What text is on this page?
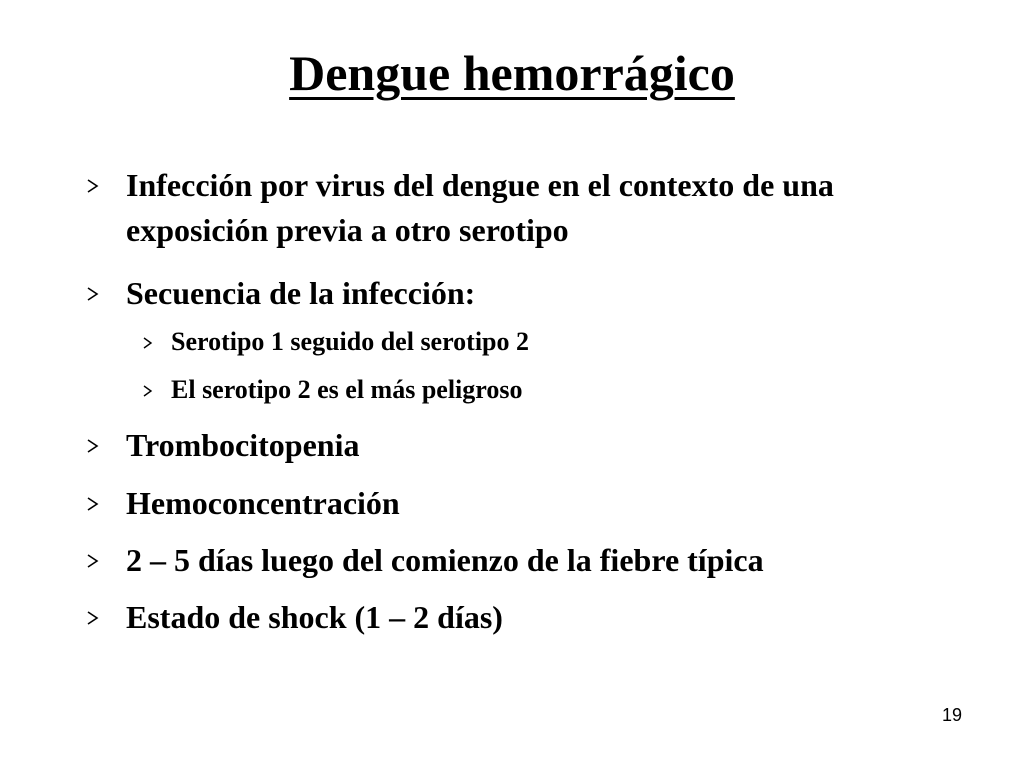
Dengue hemorrágico
Infección por virus del dengue en el contexto de una exposición previa a otro serotipo
Secuencia de la infección:
Serotipo 1 seguido del serotipo 2
El serotipo 2 es el más peligroso
Trombocitopenia
Hemoconcentración
2 – 5 días luego del comienzo de la fiebre típica
Estado de shock (1 – 2 días)
19
